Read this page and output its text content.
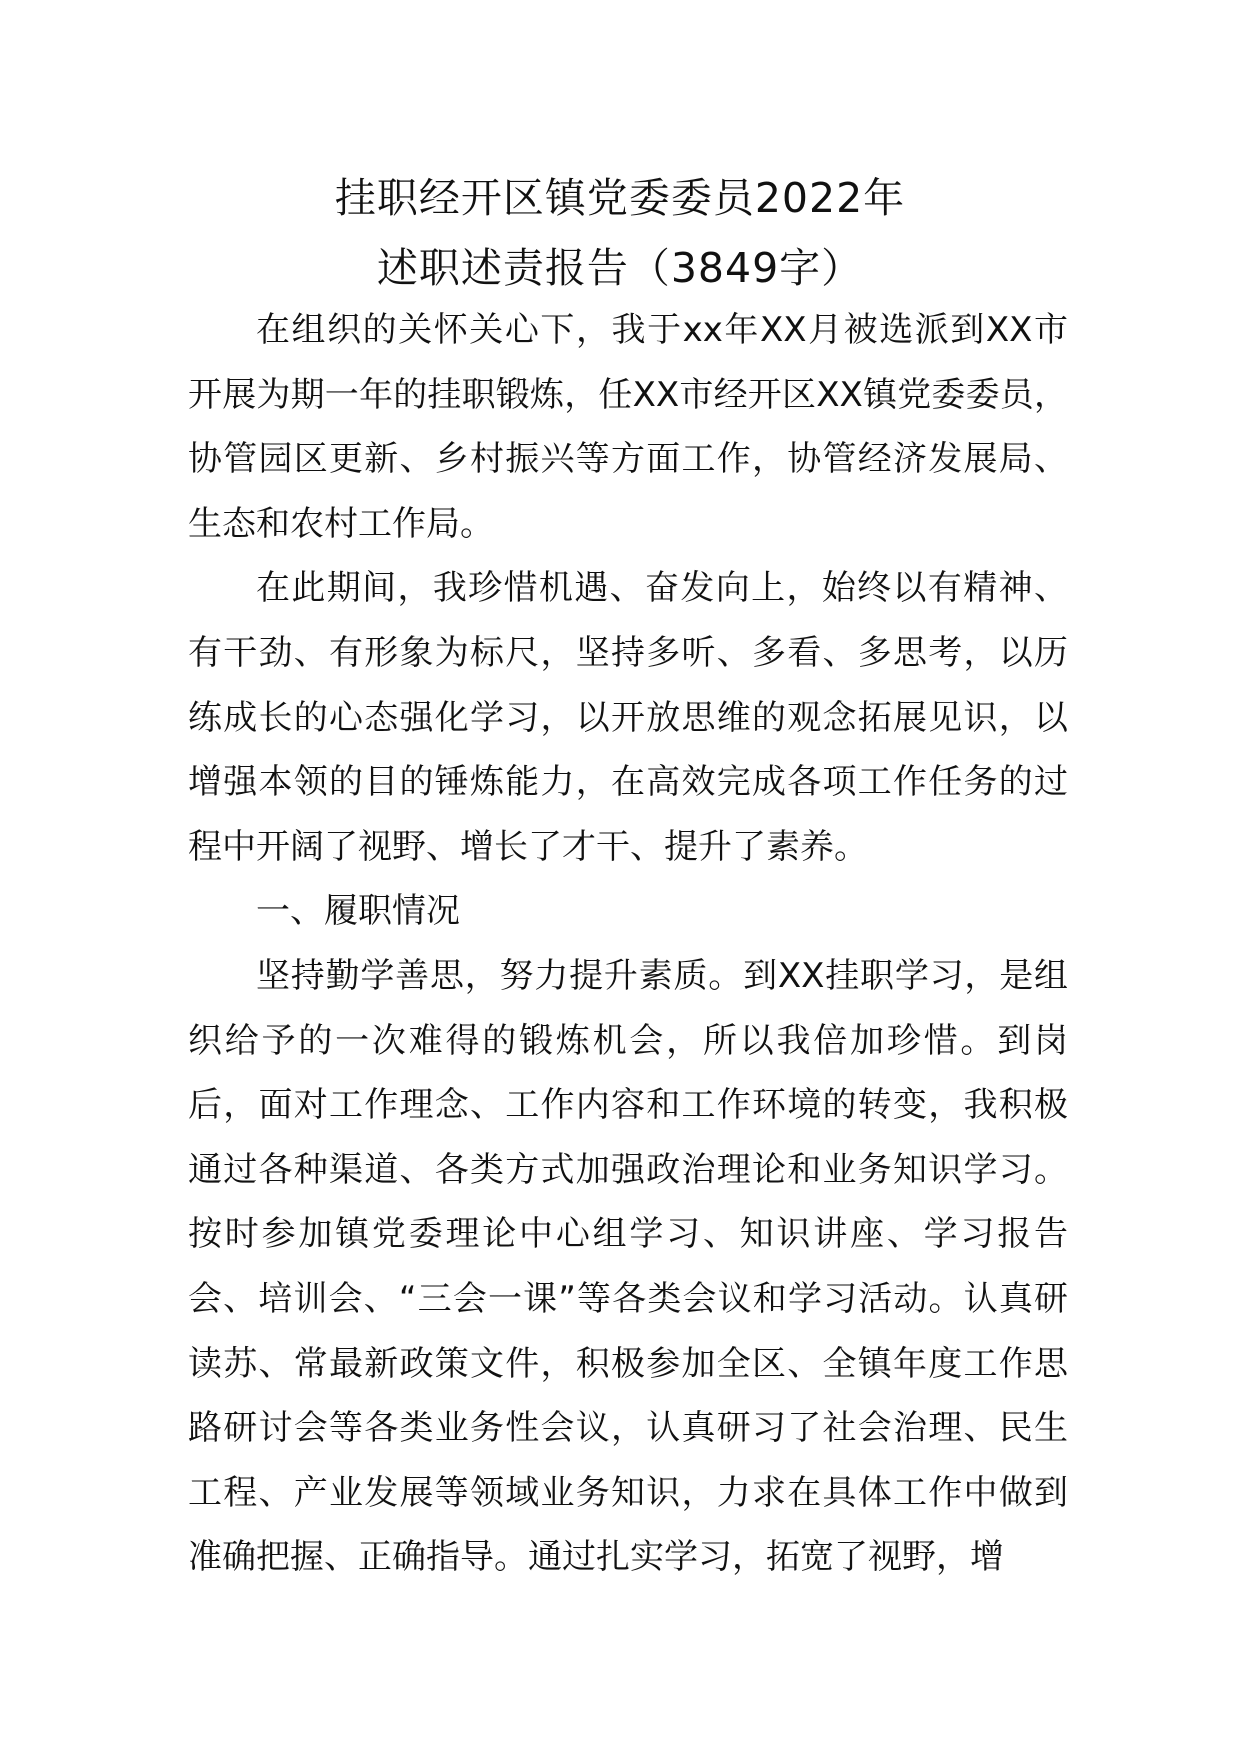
挂职经开区镇党委委员2022年
述职述责报告（3849字）

在组织的关怀关心下，我于xx年XX月被选派到XX市开展为期一年的挂职锻炼，任XX市经开区XX镇党委委员，协管园区更新、乡村振兴等方面工作，协管经济发展局、生态和农村工作局。

在此期间，我珍惜机遇、奋发向上，始终以有精神、有干劲、有形象为标尺，坚持多听、多看、多思考，以历练成长的心态强化学习，以开放思维的观念拓展见识，以增强本领的目的锤炼能力，在高效完成各项工作任务的过程中开阔了视野、增长了才干、提升了素养。

一、履职情况

坚持勤学善思，努力提升素质。到XX挂职学习，是组织给予的一次难得的锻炼机会，所以我倍加珍惜。到岗后，面对工作理念、工作内容和工作环境的转变，我积极通过各种渠道、各类方式加强政治理论和业务知识学习。按时参加镇党委理论中心组学习、知识讲座、学习报告会、培训会、“三会一课”等各类会议和学习活动。认真研读苏、常最新政策文件，积极参加全区、全镇年度工作思路研讨会等各类业务性会议，认真研习了社会治理、民生工程、产业发展等领域业务知识，力求在具体工作中做到准确把握、正确指导。通过扎实学习，拓宽了视野，增
